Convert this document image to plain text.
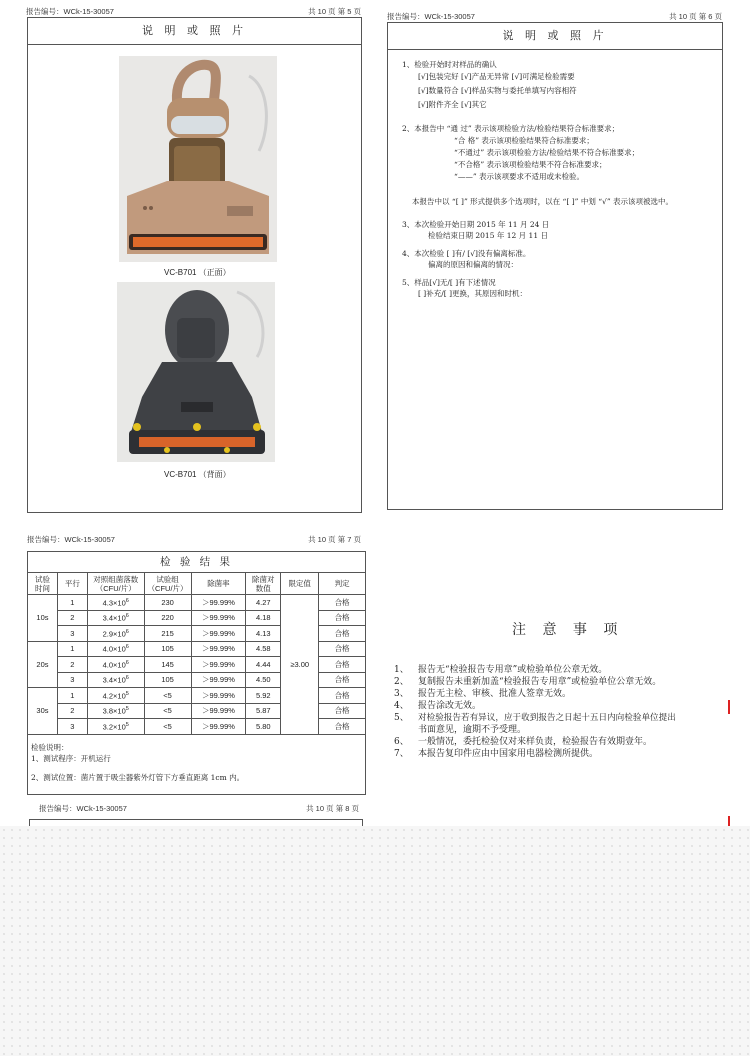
报告编号：WCk-15-30057	共 10 页 第 5 页
说 明 或 照 片
VC-B701 （正面）
VC-B701 （背面）
报告编号：WCk-15-30057	共 10 页 第 6 页
说 明 或 照 片
1、检验开始时对样品的确认
[√]包装完好 [√]产品无异常 [√]可满足检验需要
[√]数量符合 [√]样品实物与委托单填写内容相符
[√]附件齐全 [√]其它
2、本报告中 “通 过” 表示该项检验方法/检验结果符合标准要求；
“合 格” 表示该项检验结果符合标准要求；
“不通过” 表示该项检验方法/检验结果不符合标准要求；
“不合格” 表示该项检验结果不符合标准要求；
“——” 表示该项要求不适用或未检验。
本报告中以 “[ ]” 形式提供多个选项时，以在 “[ ]” 中划 “√” 表示该项被选中。
3、本次检验开始日期 2015 年 11 月 24 日
检验结束日期 2015 年 12 月 11 日
4、本次检验 [ ]有/ [√]没有偏离标准。
偏离的原因和偏离的情况：
5、样品[√]无/[ ]有下述情况
[ ]补充/[ ]更换，其原因和时机：
报告编号：WCk-15-30057	共 10 页 第 7 页
检 验 结 果
试验
时间	平行	对照组菌落数
（CFU/片）	试验组
（CFU/片）	除菌率	除菌对
数值	限定值	判定
10s	1	$4.3\times 10^6$	230	＞99.99%	4.27	≥3.00	合格
	2	$3.4\times 10^6$	220	＞99.99%	4.18		合格
	3	$2.9\times 10^6$	215	＞99.99%	4.13		合格
20s	1	$4.0\times 10^6$	105	＞99.99%	4.58		合格
	2	$4.0\times 10^6$	145	＞99.99%	4.44		合格
	3	$3.4\times 10^6$	105	＞99.99%	4.50		合格
30s	1	$4.2\times 10^5$	<5	＞99.99%	5.92		合格
	2	$3.8\times 10^5$	<5	＞99.99%	5.87		合格
	3	$3.2\times 10^5$	<5	＞99.99%	5.80		合格
检验说明：
1、测试程序：开机运行
2、测试位置：菌片置于吸尘器紫外灯管下方垂直距离 1cm 内。
报告编号：WCk-15-30057	共 10 页 第 8 页
注 意 事 项
1、 报告无“检验报告专用章”或检验单位公章无效。
2、 复制报告未重新加盖“检验报告专用章”或检验单位公章无效。
3、 报告无主检、审核、批准人签章无效。
4、 报告涂改无效。
5、 对检验报告若有异议，应于收到报告之日起十五日内向检验单位提出
书面意见，逾期不予受理。
6、 一般情况，委托检验仅对来样负责，检验报告有效期壹年。
7、 本报告复印件应由中国家用电器检测所提供。
